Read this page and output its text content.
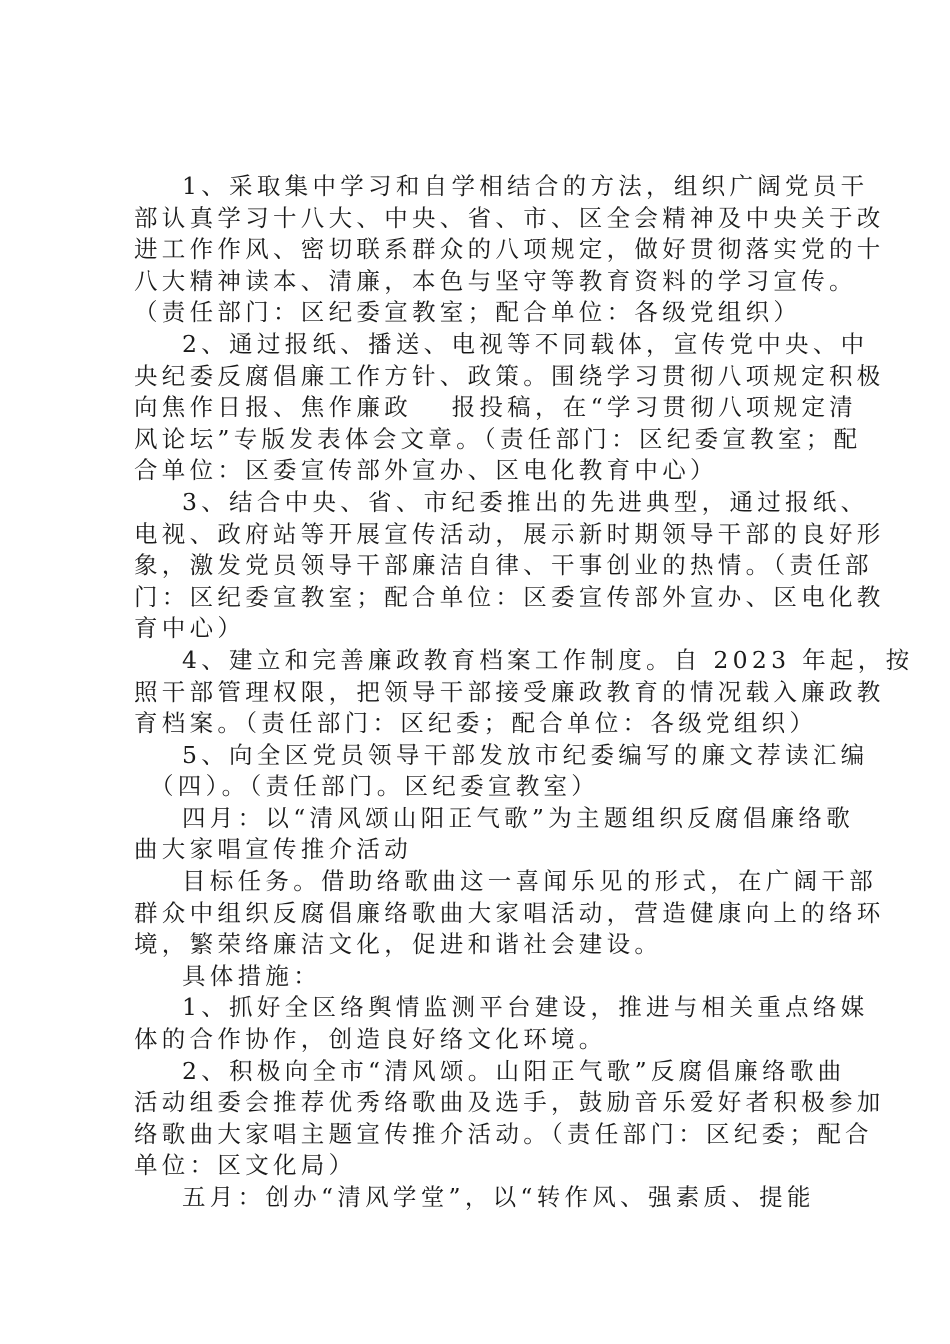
1、采取集中学习和自学相结合的方法，组织广阔党员干
部认真学习十八大、中央、省、市、区全会精神及中央关于改
进工作作风、密切联系群众的八项规定，做好贯彻落实党的十
八大精神读本、清廉，本色与坚守等教育资料的学习宣传。
（责任部门：区纪委宣教室；配合单位：各级党组织）
2、通过报纸、播送、电视等不同载体，宣传党中央、中
央纪委反腐倡廉工作方针、政策。围绕学习贯彻八项规定积极
向焦作日报、焦作廉政　 报投稿，在“学习贯彻八项规定清
风论坛”专版发表体会文章。（责任部门：区纪委宣教室；配
合单位：区委宣传部外宣办、区电化教育中心）
3、结合中央、省、市纪委推出的先进典型，通过报纸、
电视、政府站等开展宣传活动，展示新时期领导干部的良好形
象，激发党员领导干部廉洁自律、干事创业的热情。（责任部
门：区纪委宣教室；配合单位：区委宣传部外宣办、区电化教
育中心）
4、建立和完善廉政教育档案工作制度。自 2023 年起，按
照干部管理权限，把领导干部接受廉政教育的情况载入廉政教
育档案。（责任部门：区纪委；配合单位：各级党组织）
5、向全区党员领导干部发放市纪委编写的廉文荐读汇编
（四）。（责任部门。区纪委宣教室）
四月：以“清风颂山阳正气歌”为主题组织反腐倡廉络歌
曲大家唱宣传推介活动
目标任务。借助络歌曲这一喜闻乐见的形式，在广阔干部
群众中组织反腐倡廉络歌曲大家唱活动，营造健康向上的络环
境，繁荣络廉洁文化，促进和谐社会建设。
具体措施：
1、抓好全区络舆情监测平台建设，推进与相关重点络媒
体的合作协作，创造良好络文化环境。
2、积极向全市“清风颂。山阳正气歌”反腐倡廉络歌曲
活动组委会推荐优秀络歌曲及选手，鼓励音乐爱好者积极参加
络歌曲大家唱主题宣传推介活动。（责任部门：区纪委；配合
单位：区文化局）
五月：创办“清风学堂”，以“转作风、强素质、提能
